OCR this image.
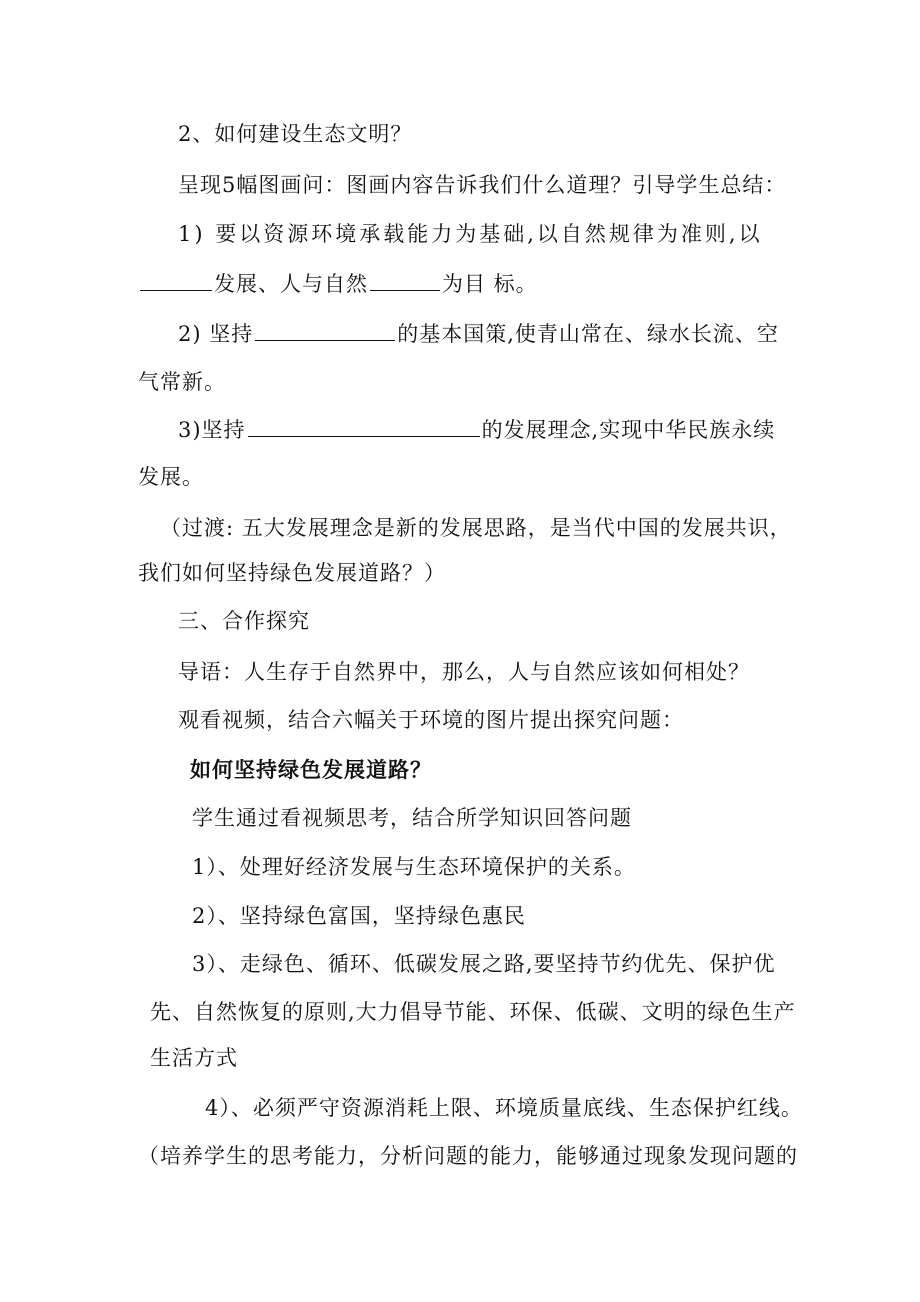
2、如何建设生态文明？
呈现5幅图画问：图画内容告诉我们什么道理？引导学生总结：
1) 要以资源环境承载能力为基础,以自然规律为准则,以
发展、人与自然	为目 标。
2) 坚持	的基本国策,使青山常在、绿水长流、空
气常新。
3)坚持	的发展理念,实现中华民族永续
发展。
（过渡: 五大发展理念是新的发展思路，是当代中国的发展共识，
我们如何坚持绿色发展道路？）
三、合作探究
导语：人生存于自然界中，那么，人与自然应该如何相处？
观看视频，结合六幅关于环境的图片提出探究问题：
如何坚持绿色发展道路？
学生通过看视频思考，结合所学知识回答问题
1）、处理好经济发展与生态环境保护的关系。
2）、坚持绿色富国，坚持绿色惠民
3）、走绿色、循环、低碳发展之路,要坚持节约优先、保护优
先、自然恢复的原则,大力倡导节能、环保、低碳、文明的绿色生产
生活方式
4）、必须严守资源消耗上限、环境质量底线、生态保护红线。
（培养学生的思考能力，分析问题的能力，能够通过现象发现问题的
